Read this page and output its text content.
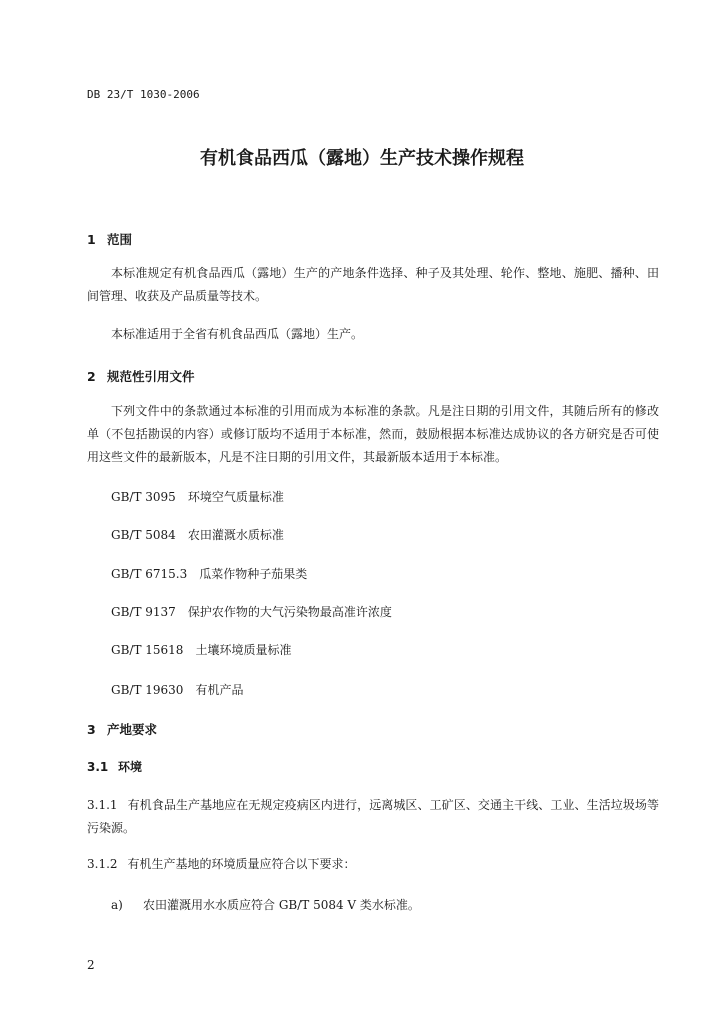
DB 23/T 1030-2006
有机食品西瓜（露地）生产技术操作规程
1 范围
本标准规定有机食品西瓜（露地）生产的产地条件选择、种子及其处理、轮作、整地、施肥、播种、田间管理、收获及产品质量等技术。
本标准适用于全省有机食品西瓜（露地）生产。
2 规范性引用文件
下列文件中的条款通过本标准的引用而成为本标准的条款。凡是注日期的引用文件，其随后所有的修改单（不包括勘误的内容）或修订版均不适用于本标准，然而，鼓励根据本标准达成协议的各方研究是否可使用这些文件的最新版本，凡是不注日期的引用文件，其最新版本适用于本标准。
GB/T 3095 环境空气质量标准
GB/T 5084 农田灌溉水质标准
GB/T 6715.3 瓜菜作物种子茄果类
GB/T 9137 保护农作物的大气污染物最高准许浓度
GB/T 15618 土壤环境质量标准
GB/T 19630 有机产品
3 产地要求
3.1 环境
3.1.1 有机食品生产基地应在无规定疫病区内进行，远离城区、工矿区、交通主干线、工业、生活垃圾场等污染源。
3.1.2 有机生产基地的环境质量应符合以下要求：
a) 农田灌溉用水水质应符合 GB/T 5084 V 类水标准。
2
